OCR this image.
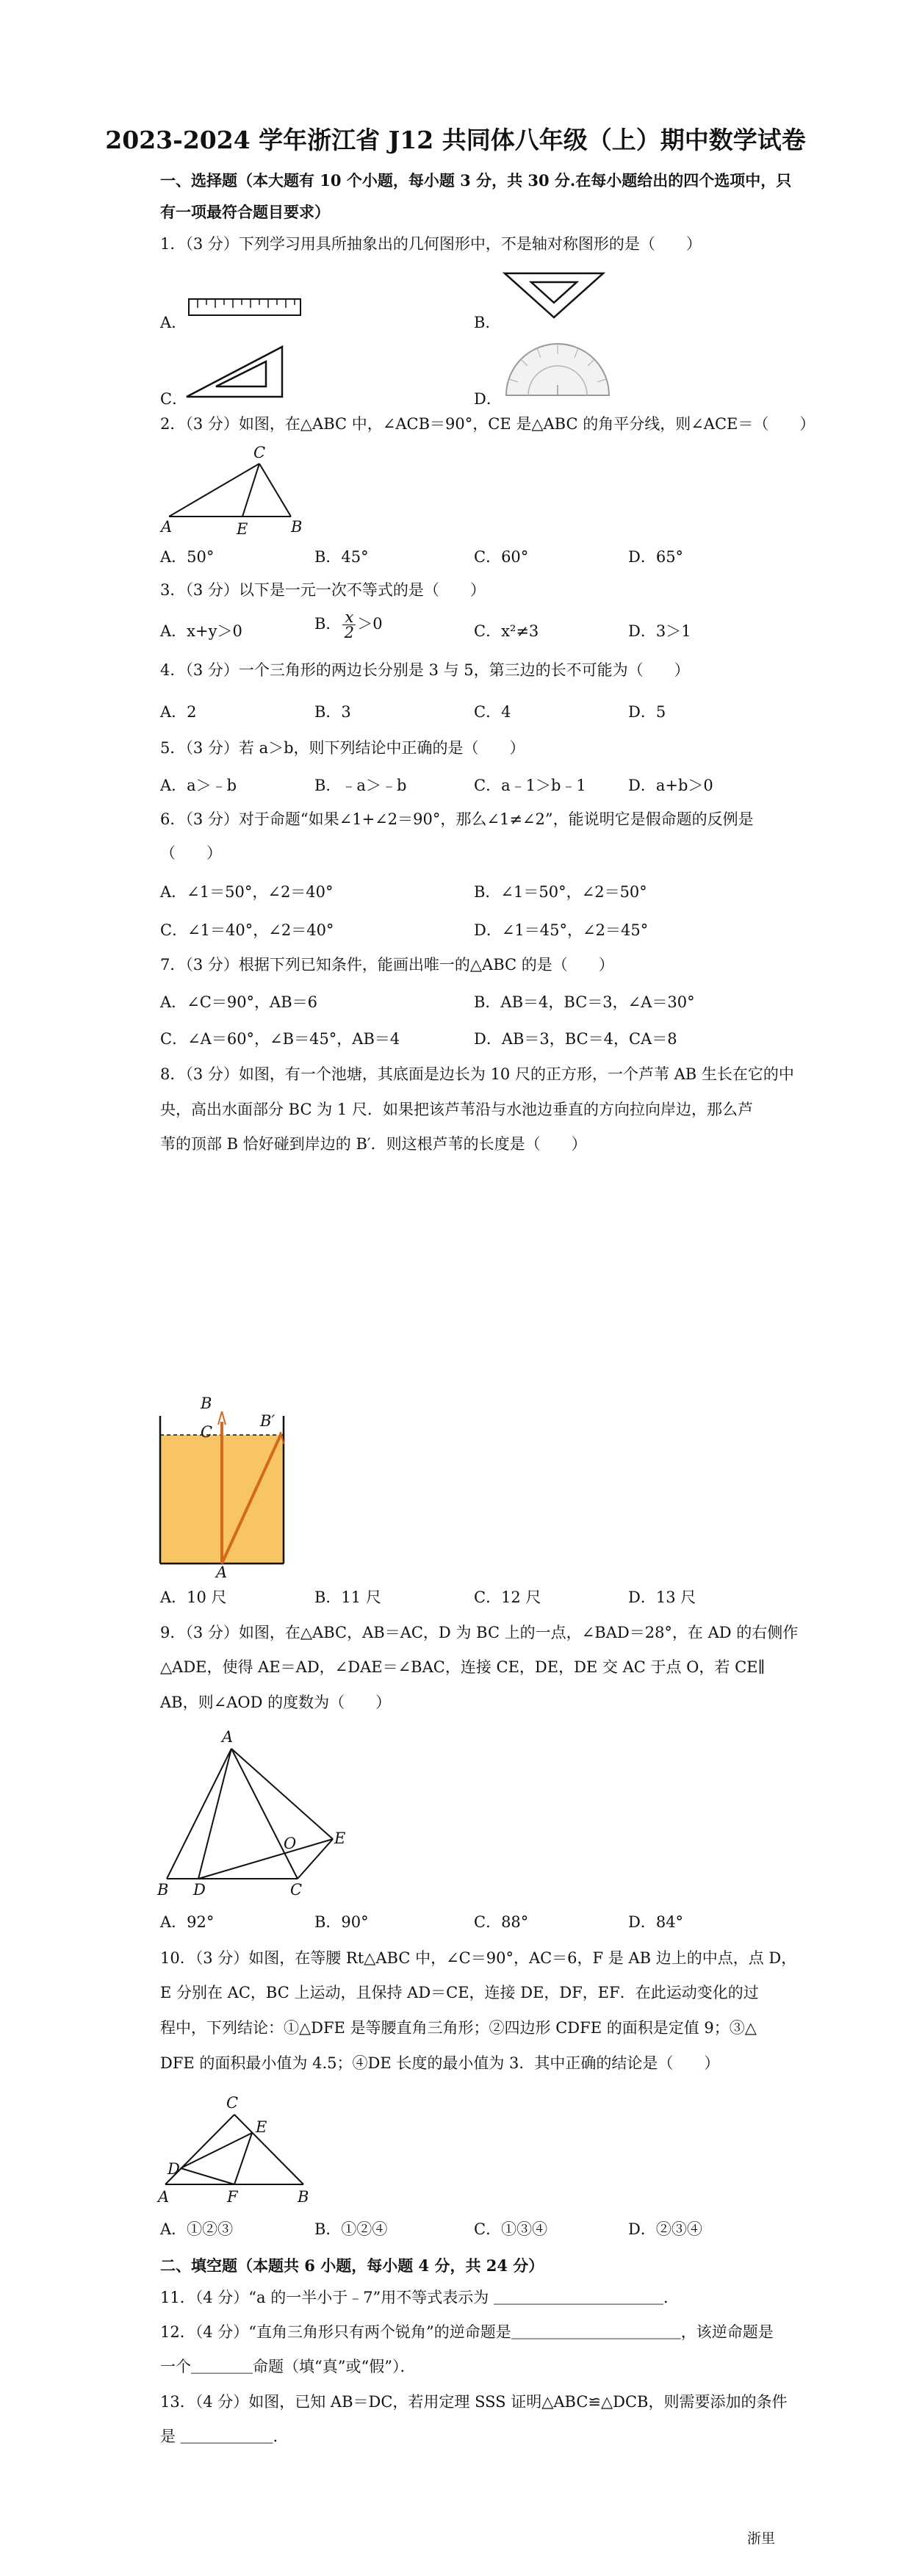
2023-2024 学年浙江省 J12 共同体八年级（上）期中数学试卷
一、选择题（本大题有 10 个小题，每小题 3 分，共 30 分.在每小题给出的四个选项中，只
有一项最符合题目要求）
1．（3 分）下列学习用具所抽象出的几何图形中，不是轴对称图形的是（　　）
A．	B．
C．	D．
2．（3 分）如图，在△ABC 中，∠ACB＝90°，CE 是△ABC 的角平分线，则∠ACE＝（　　）
A	B
C
E
A．50°	B．45°	C．60°	D．65°
3．（3 分）以下是一元一次不等式的是（　　）
A．x+y＞0	B． $\frac{x}{2} >0$	C．x²≠3	D．3＞1
4．（3 分）一个三角形的两边长分别是 3 与 5，第三边的长不可能为（　　）
A．2	B．3	C．4	D．5
5．（3 分）若 a＞b，则下列结论中正确的是（　　）
A．a＞﹣b	B．﹣a＞﹣b	C．a﹣1＞b﹣1	D．a+b＞0
6．（3 分）对于命题“如果∠1+∠2＝90°，那么∠1≠∠2”，能说明它是假命题的反例是
（　　）
A．∠1＝50°，∠2＝40°	B．∠1＝50°，∠2＝50°
C．∠1＝40°，∠2＝40°	D．∠1＝45°，∠2＝45°
7．（3 分）根据下列已知条件，能画出唯一的△ABC 的是（　　）
A．∠C＝90°，AB＝6	B．AB＝4，BC＝3，∠A＝30°
C．∠A＝60°，∠B＝45°，AB＝4	D．AB＝3，BC＝4，CA＝8
8．（3 分）如图，有一个池塘，其底面是边长为 10 尺的正方形，一个芦苇 AB 生长在它的中
央，高出水面部分 BC 为 1 尺．如果把该芦苇沿与水池边垂直的方向拉向岸边，那么芦
苇的顶部 B 恰好碰到岸边的 B′．则这根芦苇的长度是（　　）
B
C
B′
A
A．10 尺	B．11 尺	C．12 尺	D．13 尺
9．（3 分）如图，在△ABC，AB＝AC，D 为 BC 上的一点，∠BAD＝28°，在 AD 的右侧作
△ADE，使得 AE＝AD，∠DAE＝∠BAC，连接 CE，DE，DE 交 AC 于点 O，若 CE∥
AB，则∠AOD 的度数为（　　）
A
B D	C
O E
A．92°	B．90°	C．88°	D．84°
10．（3 分）如图，在等腰 Rt△ABC 中，∠C＝90°，AC＝6，F 是 AB 边上的中点，点 D，
E 分别在 AC，BC 上运动，且保持 AD＝CE，连接 DE，DF，EF．在此运动变化的过
程中，下列结论：①△DFE 是等腰直角三角形；②四边形 CDFE 的面积是定值 9；③△
DFE 的面积最小值为 4.5；④DE 长度的最小值为 3．其中正确的结论是（　　）
C
E
D
A	F	B
A．①②③	B．①②④	C．①③④	D．②③④
二、填空题（本题共 6 小题，每小题 4 分，共 24 分）
11．（4 分）“a 的一半小于﹣7”用不等式表示为 ＿＿＿＿＿＿＿＿＿＿＿．
12．（4 分）“直角三角形只有两个锐角”的逆命题是＿＿＿＿＿＿＿＿＿＿＿，该逆命题是
一个＿＿＿＿命题（填“真”或“假”）．
13．（4 分）如图，已知 AB＝DC，若用定理 SSS 证明△ABC≌△DCB，则需要添加的条件
是 ＿＿＿＿＿＿．
浙里
